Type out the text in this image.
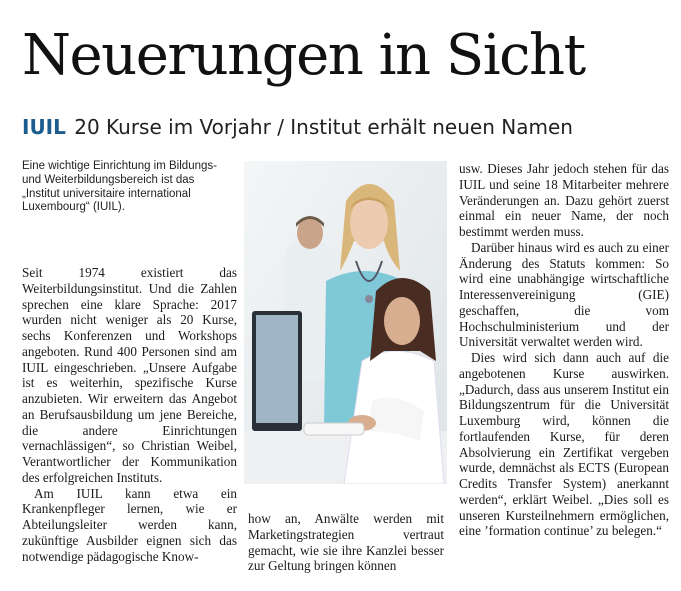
Neuerungen in Sicht
IUIL 20 Kurse im Vorjahr / Institut erhält neuen Namen

Eine wichtige Einrichtung im Bildungs- und Weiterbildungsbereich ist das „Institut universitaire international Luxembourg“ (IUIL).

Seit 1974 existiert das Weiterbildungsinstitut. Und die Zahlen sprechen eine klare Sprache: 2017 wurden nicht weniger als 20 Kurse, sechs Konferenzen und Workshops angeboten. Rund 400 Personen sind am IUIL eingeschrieben. „Unsere Aufgabe ist es weiterhin, spezifische Kurse anzubieten. Wir erweitern das Angebot an Berufsausbildung um jene Bereiche, die andere Einrichtungen vernachlässigen“, so Christian Weibel, Verantwortlicher der Kommunikation des erfolgreichen Instituts.

Am IUIL kann etwa ein Krankenpfleger lernen, wie er Abteilungsleiter werden kann, zukünftige Ausbilder eignen sich das notwendige pädagogische Know-

how an, Anwälte werden mit Marketingstrategien vertraut gemacht, wie sie ihre Kanzlei besser zur Geltung bringen können

usw. Dieses Jahr jedoch stehen für das IUIL und seine 18 Mitarbeiter mehrere Veränderungen an. Dazu gehört zuerst einmal ein neuer Name, der noch bestimmt werden muss.

Darüber hinaus wird es auch zu einer Änderung des Statuts kommen: So wird eine unabhängige wirtschaftliche Interessenvereinigung (GIE) geschaffen, die vom Hochschulministerium und der Universität verwaltet werden wird.

Dies wird sich dann auch auf die angebotenen Kurse auswirken. „Dadurch, dass aus unserem Institut ein Bildungszentrum für die Universität Luxemburg wird, können die fortlaufenden Kurse, für deren Absolvierung ein Zertifikat vergeben wurde, demnächst als ECTS (European Credits Transfer System) anerkannt werden“, erklärt Weibel. „Dies soll es unseren Kursteilnehmern ermöglichen, eine ’formation continue’ zu belegen.“
